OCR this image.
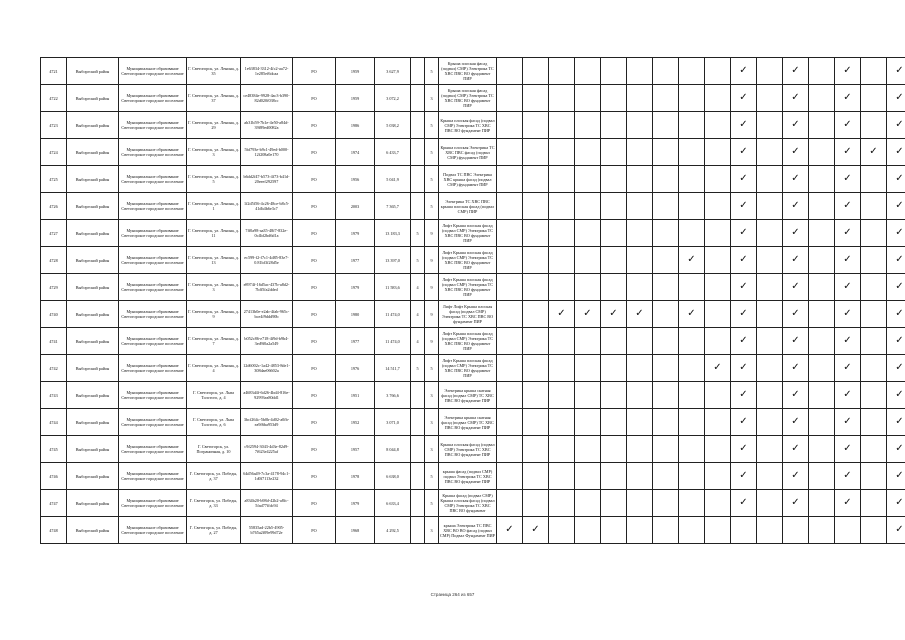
4721	Выборгский район	Муниципальное образование Светогорское городское поселение	Г. Светогорск, ул. Ленина, д. 35	1e63834-3312-4fc2-aa72-1e285ef6dcaa	РО	1959	3 627,9		5	Крыша плоская фасад (подвал) СМР) Электрика ТС ХВС ПВС ВО фундамент ПИР										✓		✓		✓		✓
4722	Выборгский район	Муниципальное образование Светогорское городское поселение	Г. Светогорск, ул. Ленина, д. 37	ce48384e-9928-4ac3-b390-82d020f038cc	РО	1959	3 072,2		3	Крыша плоская фасад (подвал) СМР) Электрика ТС ХВС ПВС ВО фундамент ПИР										✓		✓		✓		✓
4723	Выборгский район	Муниципальное образование Светогорское городское поселение	Г. Светогорск, ул. Ленина, д. 29	ab31b59-7b1e-4e50-a84d-39f89ed0082a	РО	1986	5 038,2		5	Крыша плоская фасад (подвал СМР) Электрика ТС ХВС ПВС ВО фундамент ПИР										✓		✓		✓		✓
4724	Выборгский район	Муниципальное образование Светогорское городское поселение	Г. Светогорск, ул. Ленина, д. 3	5bf793e-b9c1-49ed-b000-12f208a0e170	РО	1974	6 433,7		5	Крыша плоская Электрика ТС ХВС ПВС фасад (подвал СМР) фундамент ПИР										✓		✓		✓	✓	✓
4725	Выборгский район	Муниципальное образование Светогорское городское поселение	Г. Светогорск, ул. Ленина, д. 5	b6dd2f47-b573-4f73-b41d-20eeef292597	РО	1956	5 041,9		5	Подвал ТС ПВС Электрика ХВС крыша фасад (подвал СМР) фундамент ПИР										✓		✓		✓		✓
4726	Выборгский район	Муниципальное образование Светогорское городское поселение	Г. Светогорск, ул. Ленина, д. 1	1f2d5f56-4c26-48ce-b8c5-41db4b6e3c7	РО	2003	7 365,7		5	Электрика ТС ХВС ПВС крыша плоская фасад (подвал СМР) ПИР										✓		✓		✓		✓
4727	Выборгский район	Муниципальное образование Светогорское городское поселение	Г. Светогорск, ул. Ленина, д. 11	7ff0a98-aa35-48f7-832e-0c4bf2bd6d1a	РО	1979	13 183,3	5	9	Лифт Крыша плоская фасад (подвал СМР) Электрика ТС ХВС ПВС ВО фундамент ПИР										✓		✓		✓		✓
4728	Выборгский район	Муниципальное образование Светогорское городское поселение	Г. Светогорск, ул. Ленина, д. 13	ec599-f2-f7c1-4d85-83e7-0.81bf3f28d5e	РО	1977	13 397,0	5	9	Лифт Крыша плоская фасад (подвал СМР) Электрика ТС ХВС ПВС ВО фундамент ПИР								✓		✓		✓		✓		✓
4729	Выборгский район	Муниципальное образование Светогорское городское поселение	Г. Светогорск, ул. Ленина, д. 3	e8974f-16d5ac-437b-a8d2-7bff5fa2dded	РО	1979	11 583,6	4	9	Лифт Крыша плоская фасад (подвал СМР) Электрика ТС ХВС ПВС ВО фундамент ПИР										✓		✓		✓		✓
4740	Выборгский район	Муниципальное образование Светогорское городское поселение	Г. Светогорск, ул. Ленина, д. 9	27413b0e-e2ab-4fab-965c-bce4f9ddd90b	РО	1980	11 474,0	4	9	Лифт Лифт Крыша плоская фасад (подвал СМР) Электрика ТС ХВС ПВС ВО фундамент ПИР			✓	✓	✓	✓		✓		✓		✓		✓		✓
4741	Выборгский район	Муниципальное образование Светогорское городское поселение	Г. Светогорск, ул. Ленина, д. 7	b052c86-e718-4f9d-b9b4-3ed9f0a2a549	РО	1977	11 474,0	4	9	Лифт Крыша плоская фасад (подвал СМР) Электрика ТС ХВС ПВС ВО фундамент ПИР										✓		✓		✓		✓
4742	Выборгский район	Муниципальное образование Светогорское городское поселение	Г. Светогорск, ул. Ленина, д. 4	12d6002c-1a42-4853-8de1-308dae06602a	РО	1976	14 511,7	5	5	Лифт Крыша плоская фасад (подвал СМР) Электрика ТС ХВС ПВС ВО фундамент ПИР									✓	✓		✓		✓		✓
4743	Выборгский район	Муниципальное образование Светогорское городское поселение	Г. Светогорск, ул. Льва Толстого, д. 4	a4683d4f-6d26-4bd4-816e-92993ea80dd1	РО	1951	3 766,6		3	Электрика крыша скатная фасад (подвал СМР) ТС ХВС ПВС ВО фундамент ПИР										✓		✓		✓		✓
4744	Выборгский район	Муниципальное образование Светогорское городское поселение	Г. Светогорск, ул. Льва Толстого, д. 6	3bcf264c-5b0b-4d02-a0fb-ea9f6ba953d9	РО	1952	3 071,0		3	Электрика крыша скатная фасад (подвал СМР) ТС ХВС ПВС ВО фундамент ПИР										✓		✓		✓		✓
4745	Выборгский район	Муниципальное образование Светогорское городское поселение	Г. Светогорск, ул. Пограничная, д. 10	c9f2594-3043-4d3e-82d9-7f623e4225af	РО	1957	8 044,8		3	Крыша плоская фасад (подвал СМР) Электрика ТС ХВС ПВС ВО фундамент ПИР										✓		✓		✓		✓
4746	Выборгский район	Муниципальное образование Светогорское городское поселение	Г. Светогорск, ул. Победы, д. 37	64d56a49-7c3a-4178-94c1-1d0f7113e232	РО	1978	6 638,0		5	крыша фасад (подвал СМР) подвал Электрика ТС ХВС ПВС ВО фундамент ПИР										✓		✓		✓		✓
4747	Выборгский район	Муниципальное образование Светогорское городское поселение	Г. Светогорск, ул. Победы, д. 33	a834b20-b98d-42b2-a8fc-5fad77ffdc94	РО	1979	6 633,4		5	Крыша фасад (подвал СМР) Крыша плоская фасад (подвал СМР) Электрика ТС ХВС ПВС ВО фундамент										✓		✓		✓		✓
4748	Выборгский район	Муниципальное образование Светогорское городское поселение	Г. Светогорск, ул. Победы, д. 27	55835ad-22b5-4905-b765a2f09e99d72e	РО	1968	4 292,5		3	крыша Электрика ТС ПВС ХВС ВО ВО фасад (подвал СМР) Подвал Фундамент ПИР	✓	✓														✓
Страница 264 из 657
